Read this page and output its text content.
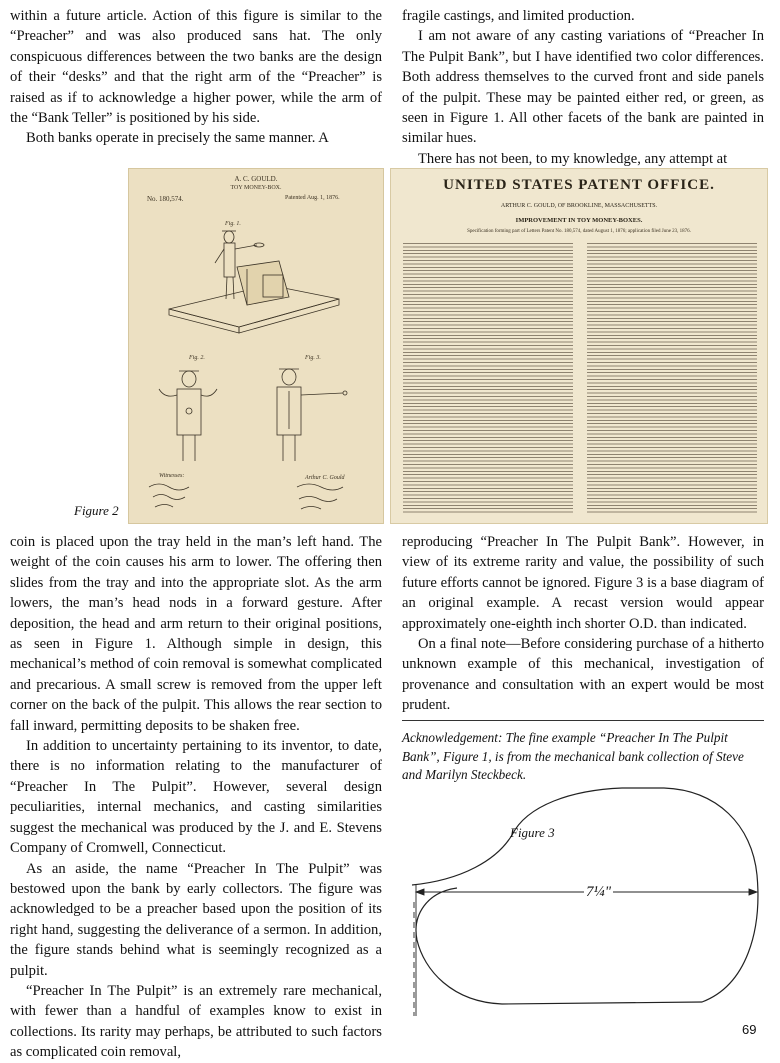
within a future article. Action of this figure is similar to the “Preacher” and was also produced sans hat. The only conspicuous differences between the two banks are the design of their “desks” and that the right arm of the “Preacher” is raised as if to acknowledge a higher power, while the arm of the “Bank Teller” is positioned by his side.

Both banks operate in precisely the same manner. A

fragile castings, and limited production.

I am not aware of any casting variations of “Preacher In The Pulpit Bank”, but I have identified two color differences. Both address themselves to the curved front and side panels of the pulpit. These may be painted either red, or green, as seen in Figure 1. All other facets of the bank are painted in similar hues.

There has not been, to my knowledge, any attempt at

A. C. GOULD.
TOY MONEY-BOX.
No. 180,574.	Patented Aug. 1, 1876.
Fig. 1.
Fig. 2.	Fig. 3.
Witnesses:	Arthur C. Gould
UNITED STATES PATENT OFFICE.
ARTHUR C. GOULD, OF BROOKLINE, MASSACHUSETTS.
IMPROVEMENT IN TOY MONEY-BOXES.
Specification forming part of Letters Patent No. 180,574, dated August 1, 1876; application filed June 23, 1876.
Figure 2

coin is placed upon the tray held in the man’s left hand. The weight of the coin causes his arm to lower. The offering then slides from the tray and into the appropriate slot. As the arm lowers, the man’s head nods in a forward gesture. After deposition, the head and arm return to their original positions, as seen in Figure 1. Although simple in design, this mechanical’s method of coin removal is somewhat complicated and precarious. A small screw is removed from the upper left corner on the back of the pulpit. This allows the rear section to fall inward, permitting deposits to be shaken free.

In addition to uncertainty pertaining to its inventor, to date, there is no information relating to the manufacturer of “Preacher In The Pulpit”. However, several design peculiarities, internal mechanics, and casting similarities suggest the mechanical was produced by the J. and E. Stevens Company of Cromwell, Connecticut.

As an aside, the name “Preacher In The Pulpit” was bestowed upon the bank by early collectors. The figure was acknowledged to be a preacher based upon the position of its right hand, suggesting the deliverance of a sermon. In addition, the figure stands behind what is seemingly recognized as a pulpit.

“Preacher In The Pulpit” is an extremely rare mechanical, with fewer than a handful of examples know to exist in collections. Its rarity may perhaps, be attributed to such factors as complicated coin removal,

reproducing “Preacher In The Pulpit Bank”. However, in view of its extreme rarity and value, the possibility of such future efforts cannot be ignored. Figure 3 is a base diagram of an original example. A recast version would appear approximately one-eighth inch shorter O.D. than indicated.

On a final note—Before considering purchase of a hitherto unknown example of this mechanical, investigation of provenance and consultation with an expert would be most prudent.

Acknowledgement: The fine example “Preacher In The Pulpit Bank”, Figure 1, is from the mechanical bank collection of Steve and Marilyn Steckbeck.
Figure 3
7¼"
69
